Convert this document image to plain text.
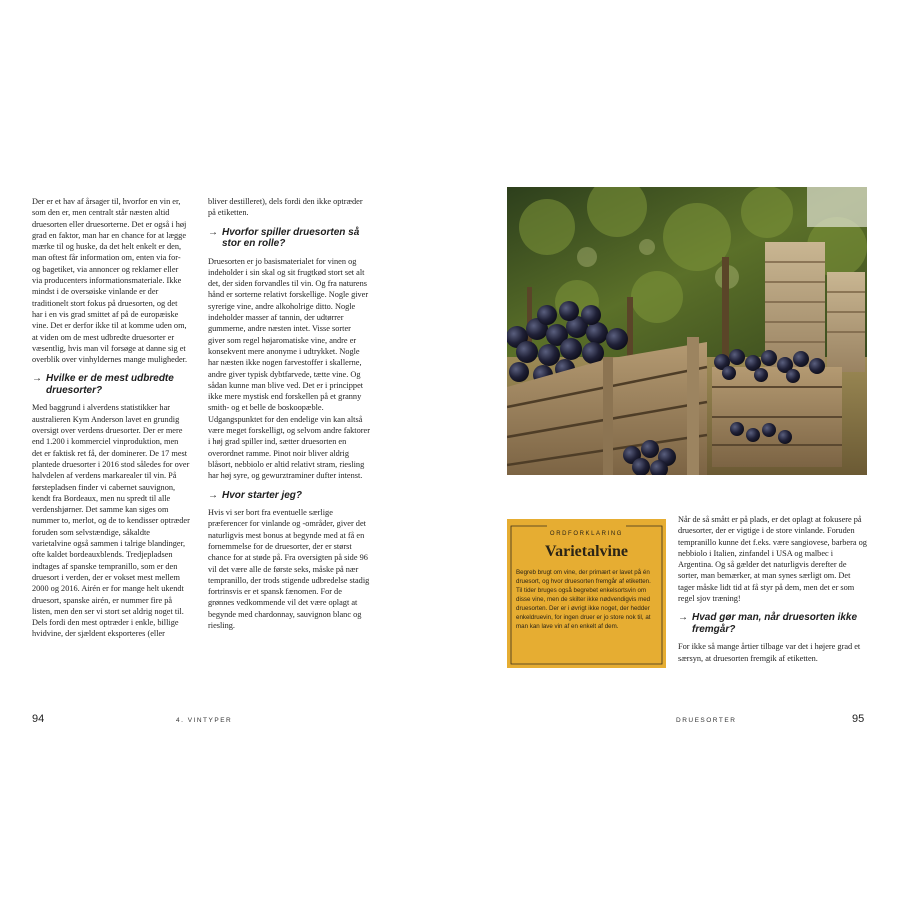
Der er et hav af årsager til, hvorfor en vin er, som den er, men centralt står næsten altid druesorten eller druesorterne. Det er også i høj grad en faktor, man har en chance for at lægge mærke til og huske, da det helt enkelt er den, man oftest får information om, enten via for- og bagetiket, via annoncer og reklamer eller via producenters informationsmateriale. Ikke mindst i de oversøiske vinlande er der traditionelt stort fokus på druesorten, og det har i en vis grad smittet af på de europæiske vine. Det er derfor ikke til at komme uden om, at viden om de mest udbredte druesorter er væsentlig, hvis man vil forsøge at danne sig et overblik over vinhyldernes mange muligheder.

→ Hvilke er de mest udbredte druesorter?

Med baggrund i alverdens statistikker har australieren Kym Anderson lavet en grundig oversigt over verdens druesorter. Der er mere end 1.200 i kommerciel vinproduktion, men det er faktisk ret få, der dominerer. De 17 mest plantede druesorter i 2016 stod således for over halvdelen af verdens markarealer til vin. På førstepladsen finder vi cabernet sauvignon, kendt fra Bordeaux, men nu spredt til alle verdenshjørner. Det samme kan siges om nummer to, merlot, og de to kendisser optræder foruden som selvstændige, såkaldte varietalvine også sammen i talrige blandinger, ofte kaldet bordeauxblends. Tredjepladsen indtages af spanske tempranillo, som er den druesort i verden, der er vokset mest mellem 2000 og 2016. Airén er for mange helt ukendt druesort, spanske airén, er nummer fire på listen, men den ser vi stort set aldrig noget til. Dels fordi den mest optræder i enkle, billige hvidvine, der sjældent eksporteres (eller

bliver destilleret), dels fordi den ikke optræder på etiketten.

→ Hvorfor spiller druesorten så stor en rolle?

Druesorten er jo basismaterialet for vinen og indeholder i sin skal og sit frugtkød stort set alt det, der siden forvandles til vin. Og fra naturens hånd er sorterne relativt forskellige. Nogle giver syrerige vine, andre alkoholrige ditto. Nogle indeholder masser af tannin, der udtørrer gummerne, andre næsten intet. Visse sorter giver som regel højaromatiske vine, andre er konsekvent mere anonyme i udtrykket. Nogle har næsten ikke nogen farvestoffer i skallerne, andre giver typisk dybtfarvede, tætte vine. Og sådan kunne man blive ved. Det er i princippet ikke mere mystisk end forskellen på et granny smith- og et belle de boskoopæble. Udgangspunktet for den endelige vin kan altså være meget forskelligt, og selvom andre faktorer i høj grad spiller ind, sætter druesorten en overordnet ramme. Pinot noir bliver aldrig blåsort, nebbiolo er altid relativt stram, riesling har høj syre, og gewurztraminer dufter intenst.

→ Hvor starter jeg?

Hvis vi ser bort fra eventuelle særlige præferencer for vinlande og -områder, giver det naturligvis mest bonus at begynde med at få en fornemmelse for de druesorter, der er størst chance for at støde på. Fra oversigten på side 96 vil det være alle de første seks, måske på nær tempranillo, der trods stigende udbredelse stadig fortrinsvis er et spansk fænomen. For de grønnes vedkommende vil det være oplagt at begynde med chardonnay, sauvignon blanc og riesling.

94	4. VINTYPER
ORDFORKLARING
Varietalvine

Begreb brugt om vine, der primært er lavet på én druesort, og hvor druesorten fremgår af etiketten. Til tider bruges også begrebet enkelsortsvin om disse vine, men de skilter ikke nødvendigvis med druesorten. Der er i øvrigt ikke noget, der hedder enkeldruevin, for ingen druer er jo store nok til, at man kan lave vin af en enkelt af dem.

Når de så smått er på plads, er det oplagt at fokusere på druesorter, der er vigtige i de store vinlande. Foruden tempranillo kunne det f.eks. være sangiovese, barbera og nebbiolo i Italien, zinfandel i USA og malbec i Argentina. Og så gælder det naturligvis derefter de sorter, man bemærker, at man synes særligt om. Det tager måske lidt tid at få styr på dem, men det er som regel sjov træning!

→ Hvad gør man, når druesorten ikke fremgår?

For ikke så mange årtier tilbage var det i højere grad et særsyn, at druesorten fremgik af etiketten.

DRUESORTER	95
